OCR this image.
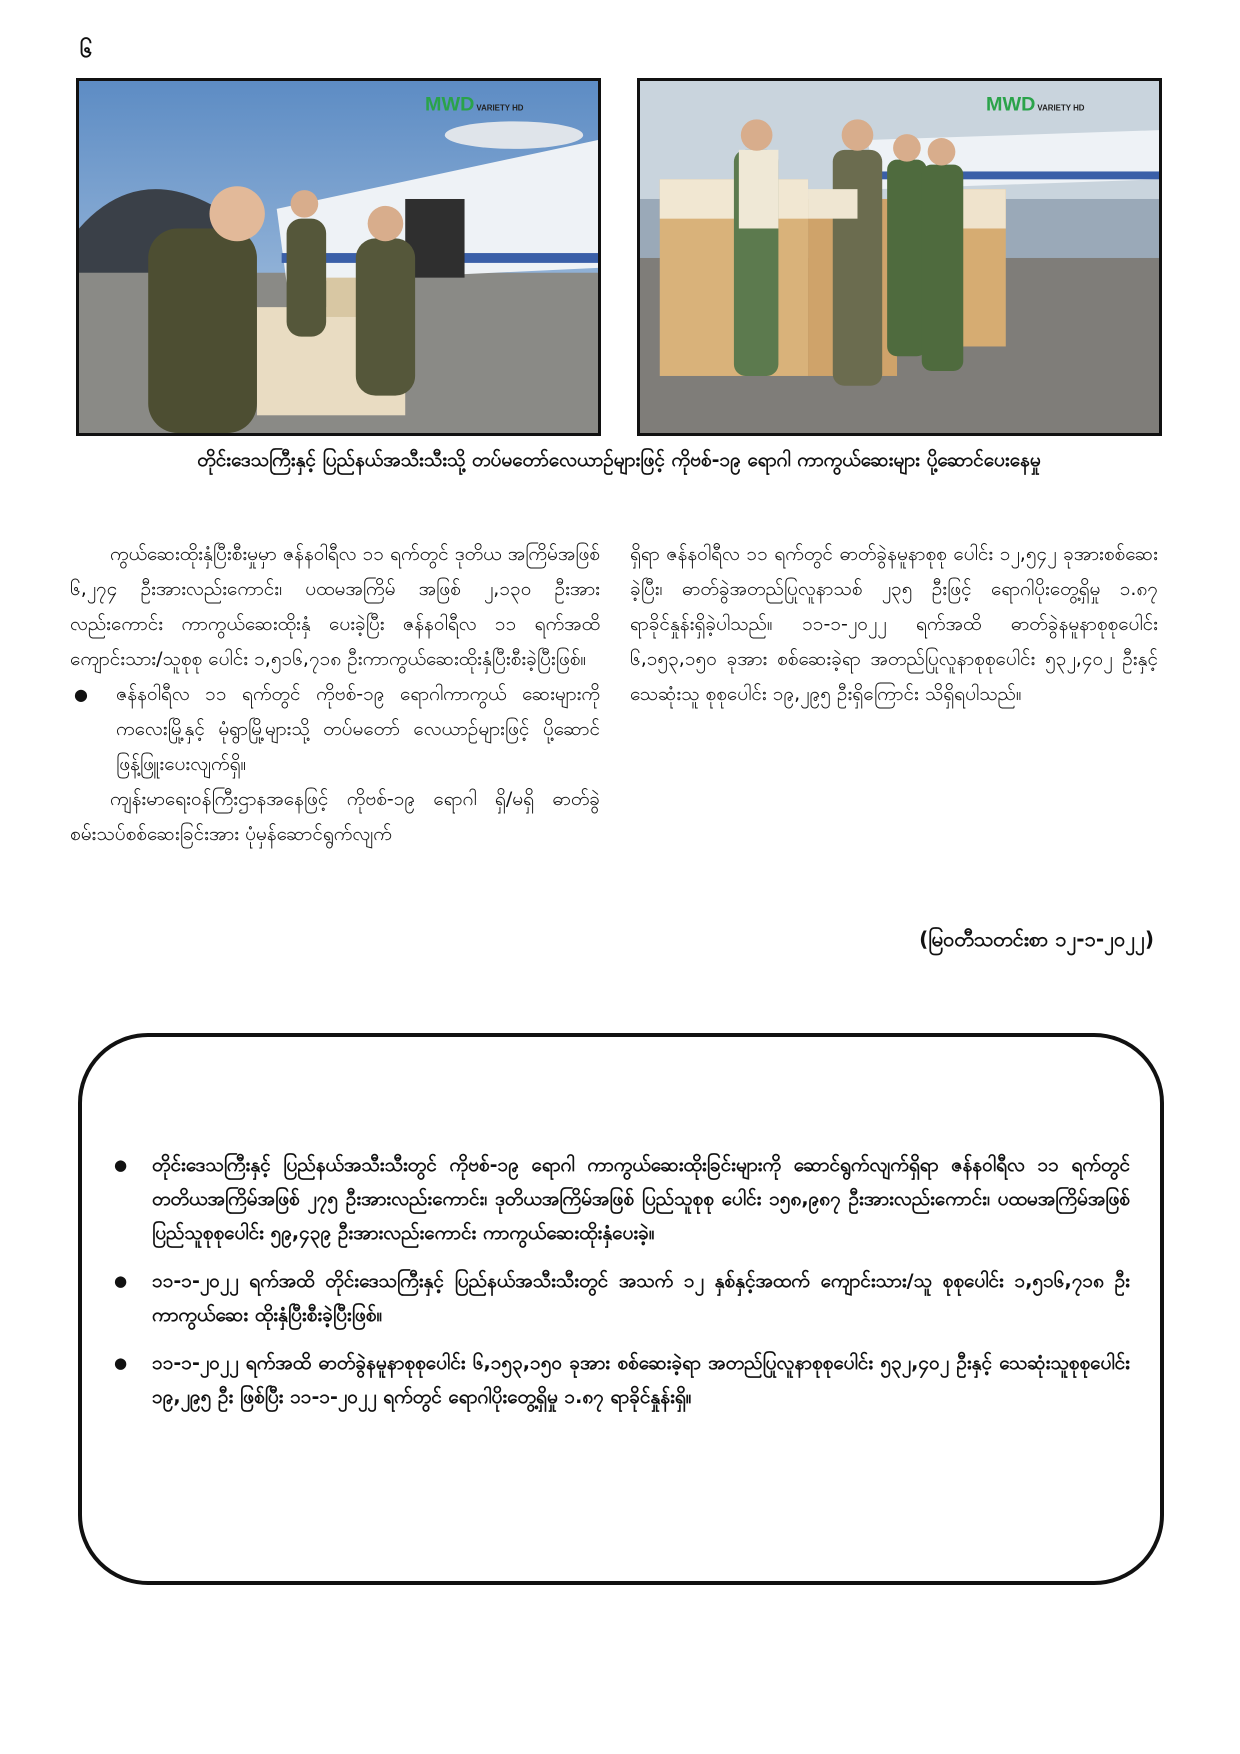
၆
MWD VARIETY HD	MWD VARIETY HD
တိုင်းဒေသကြီးနှင့် ပြည်နယ်အသီးသီးသို့ တပ်မတော်လေယာဉ်များဖြင့် ကိုဗစ်-၁၉ ရောဂါ ကာကွယ်ဆေးများ ပို့ဆောင်ပေးနေမှု

ကွယ်ဆေးထိုးနှံပြီးစီးမှုမှာ ဇန်နဝါရီလ ၁၁ ရက်တွင် ဒုတိယ အကြိမ်အဖြစ် ၆,၂၇၄ ဦးအားလည်းကောင်း၊ ပထမအကြိမ် အဖြစ် ၂,၁၃၀ ဦးအားလည်းကောင်း ကာကွယ်ဆေးထိုးနှံ ပေးခဲ့ပြီး ဇန်နဝါရီလ ၁၁ ရက်အထိ ကျောင်းသား/သူစုစု ပေါင်း ၁,၅၁၆,၇၁၈ ဦးကာကွယ်ဆေးထိုးနှံပြီးစီးခဲ့ပြီးဖြစ်။

● ဇန်နဝါရီလ ၁၁ ရက်တွင် ကိုဗစ်-၁၉ ရောဂါကာကွယ် ဆေးများကို ကလေးမြို့နှင့် မုံရွာမြို့များသို့ တပ်မတော် လေယာဉ်များဖြင့် ပို့ဆောင်ဖြန့်ဖြူးပေးလျက်ရှိ။

ကျန်းမာရေးဝန်ကြီးဌာနအနေဖြင့် ကိုဗစ်-၁၉ ရောဂါ ရှိ/မရှိ ဓာတ်ခွဲစမ်းသပ်စစ်ဆေးခြင်းအား ပုံမှန်ဆောင်ရွက်လျက်

ရှိရာ ဇန်နဝါရီလ ၁၁ ရက်တွင် ဓာတ်ခွဲနမူနာစုစု ပေါင်း ၁၂,၅၄၂ ခုအားစစ်ဆေးခဲ့ပြီး၊ ဓာတ်ခွဲအတည်ပြုလူနာသစ် ၂၃၅ ဦးဖြင့် ရောဂါပိုးတွေ့ရှိမှု ၁.၈၇ ရာခိုင်နှုန်းရှိခဲ့ပါသည်။ ၁၁-၁-၂၀၂၂ ရက်အထိ ဓာတ်ခွဲနမူနာစုစုပေါင်း ၆,၁၅၃,၁၅၀ ခုအား စစ်ဆေးခဲ့ရာ အတည်ပြုလူနာစုစုပေါင်း ၅၃၂,၄၀၂ ဦးနှင့် သေဆုံးသူ စုစုပေါင်း ၁၉,၂၉၅ ဦးရှိကြောင်း သိရှိရပါသည်။

(မြဝတီသတင်းစာ ၁၂-၁-၂၀၂၂)

● တိုင်းဒေသကြီးနှင့် ပြည်နယ်အသီးသီးတွင် ကိုဗစ်-၁၉ ရောဂါ ကာကွယ်ဆေးထိုးခြင်းများကို ဆောင်ရွက်လျက်ရှိရာ ဇန်နဝါရီလ ၁၁ ရက်တွင် တတိယအကြိမ်အဖြစ် ၂၇၅ ဦးအားလည်းကောင်း၊ ဒုတိယအကြိမ်အဖြစ် ပြည်သူစုစု ပေါင်း ၁၅၈,၉၈၇ ဦးအားလည်းကောင်း၊ ပထမအကြိမ်အဖြစ် ပြည်သူစုစုပေါင်း ၅၉,၄၃၉ ဦးအားလည်းကောင်း ကာကွယ်ဆေးထိုးနှံပေးခဲ့။

● ၁၁-၁-၂၀၂၂ ရက်အထိ တိုင်းဒေသကြီးနှင့် ပြည်နယ်အသီးသီးတွင် အသက် ၁၂ နှစ်နှင့်အထက် ကျောင်းသား/သူ စုစုပေါင်း ၁,၅၁၆,၇၁၈ ဦးကာကွယ်ဆေး ထိုးနှံပြီးစီးခဲ့ပြီးဖြစ်။

● ၁၁-၁-၂၀၂၂ ရက်အထိ ဓာတ်ခွဲနမူနာစုစုပေါင်း ၆,၁၅၃,၁၅၀ ခုအား စစ်ဆေးခဲ့ရာ အတည်ပြုလူနာစုစုပေါင်း ၅၃၂,၄၀၂ ဦးနှင့် သေဆုံးသူစုစုပေါင်း ၁၉,၂၉၅ ဦး ဖြစ်ပြီး ၁၁-၁-၂၀၂၂ ရက်တွင် ရောဂါပိုးတွေ့ရှိမှု ၁.၈၇ ရာခိုင်နှုန်းရှိ။
